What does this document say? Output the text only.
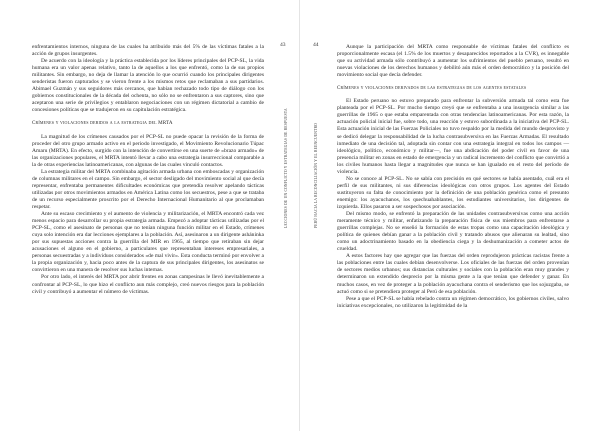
enfrentamientos internos, ninguna de las cuales ha atribuido más del 5% de las víctimas fatales a la acción de grupos insurgentes.

De acuerdo con la ideología y la práctica establecida por los líderes principales del PCP-SL, la vida humana era un valor apenas relativo, tanto la de aquellos a los que enfrentó, como la de sus propios militantes. Sin embargo, no deja de llamar la atención lo que ocurrió cuando los principales dirigentes senderistas fueron capturados y se vieron frente a los mismos retos que reclamaban a sus partidarios. Abimael Guzmán y sus seguidores más cercanos, que habían rechazado todo tipo de diálogo con los gobiernos constitucionales de la década del ochenta, no sólo no se enfrentaron a sus captores, sino que aceptaron una serie de privilegios y entablaron negociaciones con un régimen dictatorial a cambio de concesiones políticas que se tradujeron en su capitulación estratégica.

Crímenes y violaciones debidos a la estrategia del MRTA

La magnitud de los crímenes causados por el PCP-SL no puede opacar la revisión de la forma de proceder del otro grupo armado activo en el periodo investigado, el Movimiento Revolucionario Túpac Amaru (MRTA). En efecto, surgido con la intención de convertirse en una suerte de «brazo armado» de las organizaciones populares, el MRTA intentó llevar a cabo una estrategia insurreccional comparable a la de otras experiencias latinoamericanas, con algunas de las cuales vinculó contactos.

La estrategia militar del MRTA combinaba agitación armada urbana con emboscadas y organización de columnas militares en el campo. Sin embargo, el sector desligado del movimiento social al que decía representar, enfrentaba permanentes dificultades económicas que pretendía resolver apelando tácticas utilizadas por otros movimientos armados en América Latina como los secuestros, pese a que se trataba de un recurso especialmente proscrito por el Derecho Internacional Humanitario al que proclamaban respetar.

Ante su escaso crecimiento y el aumento de violencia y militarización, el MRTA encontró cada vez menos espacio para desarrollar su propia estrategia armada. Empezó a adoptar tácticas utilizadas por el PCP-SL, como el asesinato de personas que no tenían ninguna función militar en el Estado, crímenes cuya solo intención era dar lecciones ejemplares a la población. Así, asesinaron a un dirigente asháninka por sus supuestas acciones contra la guerrilla del MIR en 1965, al tiempo que retiraban sin dejar acusaciones el alguno en el gobierno, a particulares que representaban intereses empresariales, a personas secuestradas y a individuos considerados «de mal vivir». Esta conducta terminó por envolver a la propia organización y, hacia poco antes de la captura de sus principales dirigentes, los asesinatos se convirtieron en una manera de resolver sus luchas internas.

Por otro lado, el interés del MRTA por abrir frentes en zonas campesinas le llevó inevitablemente a confrontar al PCP-SL, lo que hizo el conflicto aun más complejo, creó nuevos riesgos para la población civil y contribuyó a aumentar el número de víctimas.

43
LECCIONES DE UN CONFLICTO Y ESTRATEGIAS DE RESPUESTA
44
PERÚ HACIA LA RECONCILIACIÓN Y EL REENCUENTRO

Aunque la participación del MRTA como responsable de víctimas fatales del conflicto es proporcionalmente escasa (el 1.5% de los muertos y desaparecidos reportados a la CVR), es innegable que su actividad armada sólo contribuyó a aumentar los sufrimientos del pueblo peruano, resultó en nuevas violaciones de los derechos humanos y debilitó aún más el orden democrático y la posición del movimiento social que decía defender.

Crímenes y violaciones derivados de las estrategias de los agentes estatales

El Estado peruano no estuvo preparado para enfrentar la subversión armada tal como esta fue planteada por el PCP-SL. Por mucho tiempo creyó que se enfrentaba a una insurgencia similar a las guerrillas de 1965 o que estaba emparentada con otras tendencias latinoamericanas. Por esta razón, la actuación policial inicial fue, sobre todo, una reacción y estuvo subordinada a la iniciativa del PCP-SL. Esta actuación inicial de las Fuerzas Policiales no tuvo respaldo por la medida del mundo desprovisto y se dedicó delegar la responsabilidad de la lucha contrasubversiva en las Fuerzas Armadas. El resultado inmediato de una decisión tal, adoptada sin contar con una estrategia integral en todos los campos —ideológico, político, económico y militar—, fue una abdicación del poder civil en favor de una presencia militar en zonas en estado de emergencia y un radical incremento del conflicto que convirtió a los civiles humanos hasta llegar a magnitudes que nunca se han igualado en el resto del período de violencia.

No se conoce al PCP-SL. No se sabía con precisión en qué sectores se había asentado, cuál era el perfil de sus militantes, ni sus diferencias ideológicas con otros grupos. Los agentes del Estado sustituyeron su falta de conocimiento por la definición de una población genérica como el presunto enemigo: los ayacuchanos, los quechuahablantes, los estudiantes universitarios, los dirigentes de izquierda. Ellos pasaron a ser sospechosos por asociación.

Del mismo modo, se enfrentó la preparación de las unidades contrasubversivas como una acción meramente técnico y militar, enfatizando la preparación física de sus miembros para enfrentarse a guerrillas complejas. No se enseñó la formación de estas tropas como una capacitación ideológica y política de quienes debían ganar a la población civil y tratando abusos que alienaran su lealtad, sino como un adoctrinamiento basado en la obediencia ciega y la deshumanización a cometer actos de crueldad.

A estos factores hay que agregar que las fuerzas del orden reprodujeron prácticas racistas frente a las poblaciones entre las cuales debían desenvolverse. Los oficiales de las fuerzas del orden provenían de sectores medios urbanos; sus distancias culturales y sociales con la población eran muy grandes y determinaron un extendido desprecio por la misma gente a la que tenían que defender y ganar. En muchos casos, en vez de proteger a la población ayacuchana contra el senderismo que los sojuzgaba, se actuó como si se pretendiera proteger al Perú de esa población.

Pese a que el PCP-SL se había rebelado contra un régimen democrático, los gobiernos civiles, salvo iniciativas excepcionales, no utilizaron la legitimidad de la
